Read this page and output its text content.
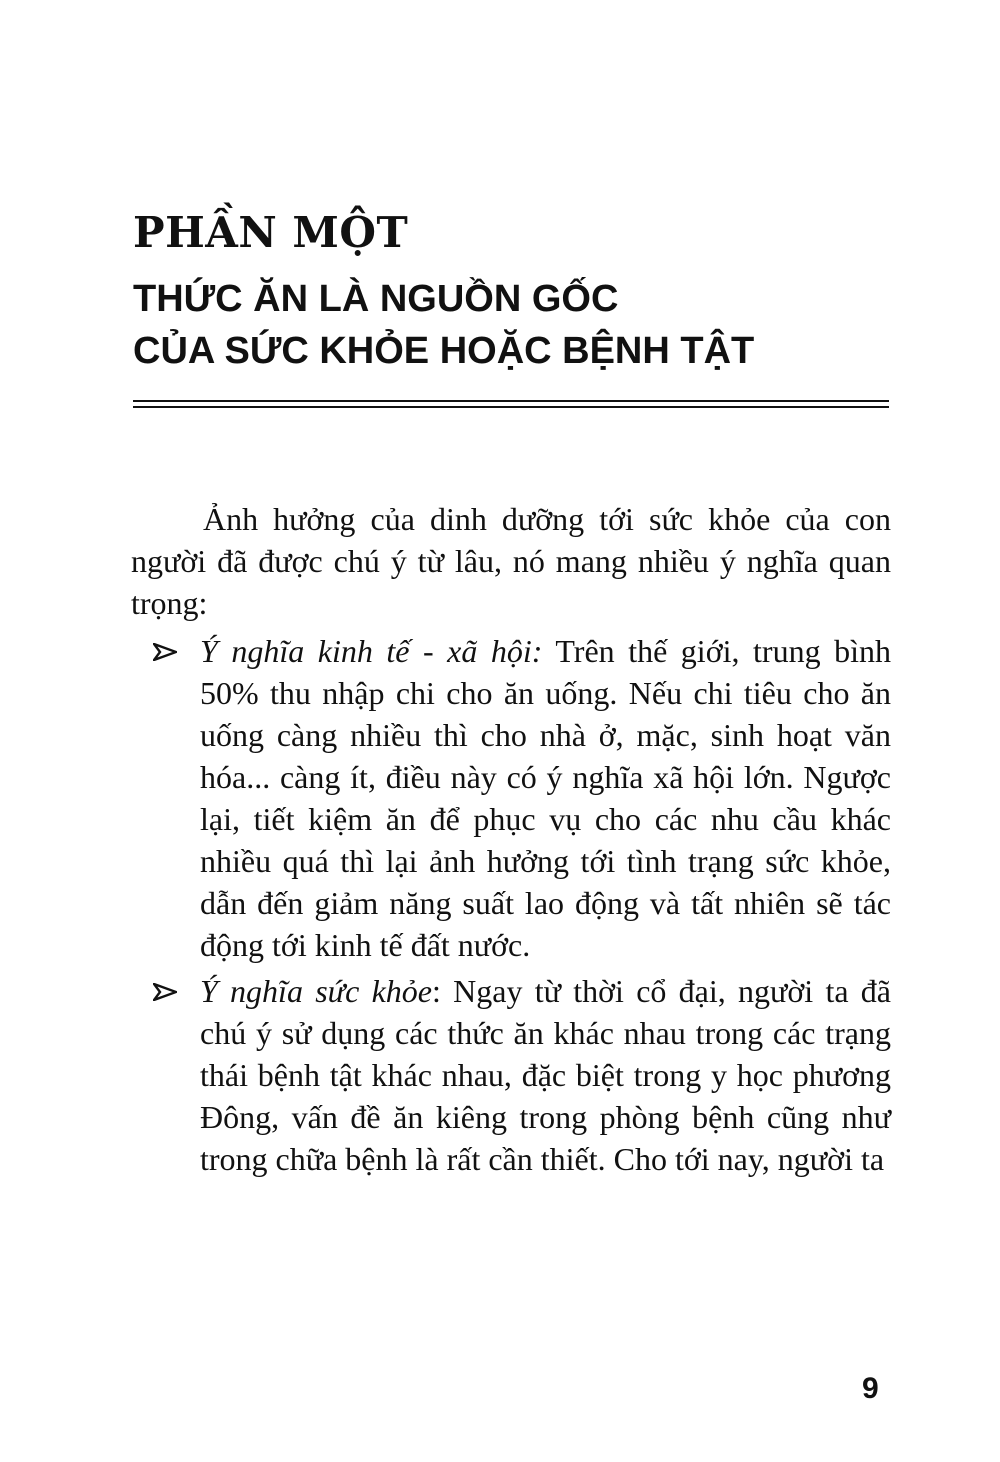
PHẦN MỘT
THỨC ĂN LÀ NGUỒN GỐC
CỦA SỨC KHỎE HOẶC BỆNH TẬT

Ảnh hưởng của dinh dưỡng tới sức khỏe của con người đã được chú ý từ lâu, nó mang nhiều ý nghĩa quan trọng:

Ý nghĩa kinh tế - xã hội: Trên thế giới, trung bình 50% thu nhập chi cho ăn uống. Nếu chi tiêu cho ăn uống càng nhiều thì cho nhà ở, mặc, sinh hoạt văn hóa... càng ít, điều này có ý nghĩa xã hội lớn. Ngược lại, tiết kiệm ăn để phục vụ cho các nhu cầu khác nhiều quá thì lại ảnh hưởng tới tình trạng sức khỏe, dẫn đến giảm năng suất lao động và tất nhiên sẽ tác động tới kinh tế đất nước.
Ý nghĩa sức khỏe: Ngay từ thời cổ đại, người ta đã chú ý sử dụng các thức ăn khác nhau trong các trạng thái bệnh tật khác nhau, đặc biệt trong y học phương Đông, vấn đề ăn kiêng trong phòng bệnh cũng như trong chữa bệnh là rất cần thiết. Cho tới nay, người ta
9
